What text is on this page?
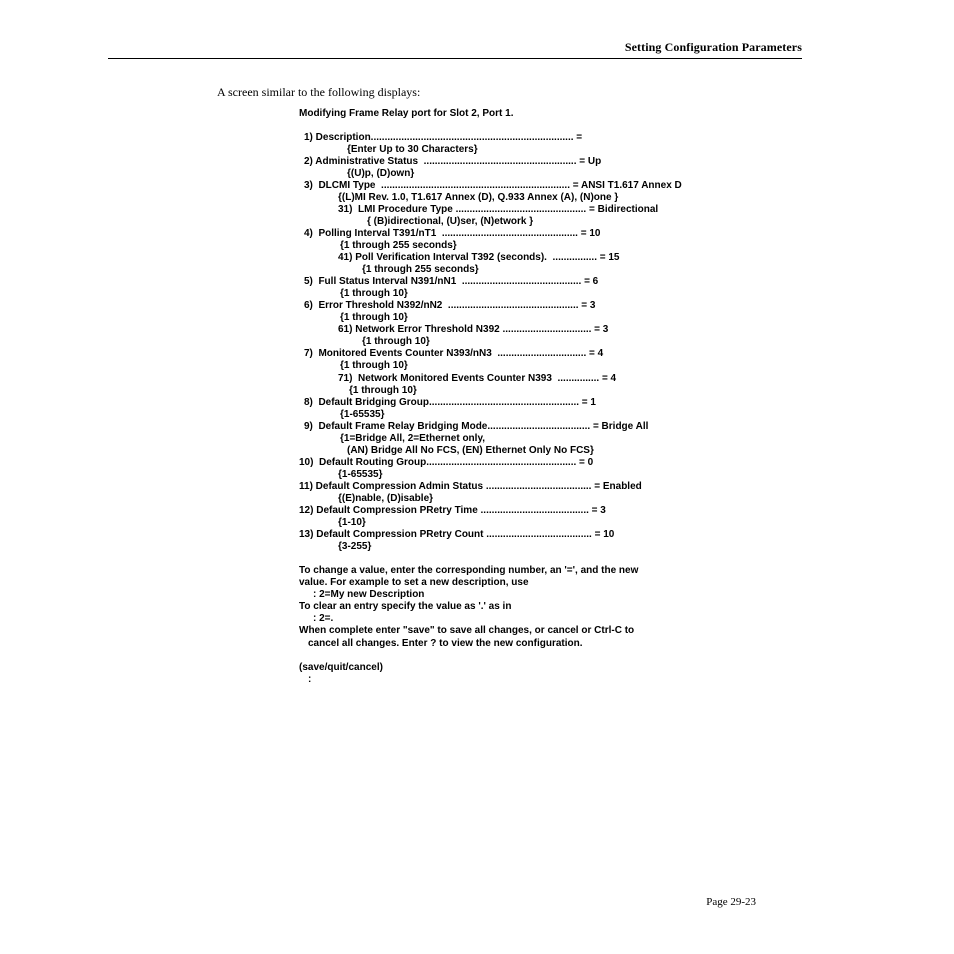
Setting Configuration Parameters
A screen similar to the following displays:
Modifying Frame Relay port for Slot 2, Port 1.
1) Description......................................................................... =
{Enter Up to 30 Characters}
2) Administrative Status  ....................................................... = Up
{(U)p, (D)own}
3)  DLCMI Type  .................................................................... = ANSI T1.617 Annex D
{(L)MI Rev. 1.0, T1.617 Annex (D), Q.933 Annex (A), (N)one }
31)  LMI Procedure Type ............................................... = Bidirectional
{ (B)idirectional, (U)ser, (N)etwork }
4)  Polling Interval T391/nT1  ................................................. = 10
{1 through 255 seconds}
41) Poll Verification Interval T392 (seconds).  ................ = 15
{1 through 255 seconds}
5)  Full Status Interval N391/nN1  ........................................... = 6
{1 through 10}
6)  Error Threshold N392/nN2  ............................................... = 3
{1 through 10}
61) Network Error Threshold N392 ................................ = 3
{1 through 10}
7)  Monitored Events Counter N393/nN3  ................................ = 4
{1 through 10}
71)  Network Monitored Events Counter N393  ............... = 4
{1 through 10}
8)  Default Bridging Group...................................................... = 1
{1-65535}
9)  Default Frame Relay Bridging Mode..................................... = Bridge All
{1=Bridge All, 2=Ethernet only,
(AN) Bridge All No FCS, (EN) Ethernet Only No FCS}
10)  Default Routing Group...................................................... = 0
{1-65535}
11) Default Compression Admin Status ...................................... = Enabled
{(E)nable, (D)isable}
12) Default Compression PRetry Time ....................................... = 3
{1-10}
13) Default Compression PRetry Count ...................................... = 10
{3-255}
To change a value, enter the corresponding number, an '=', and the new
value. For example to set a new description, use
: 2=My new Description
To clear an entry specify the value as '.' as in
: 2=.
When complete enter "save" to save all changes, or cancel or Ctrl-C to
cancel all changes. Enter ? to view the new configuration.
(save/quit/cancel)
:
Page 29-23
